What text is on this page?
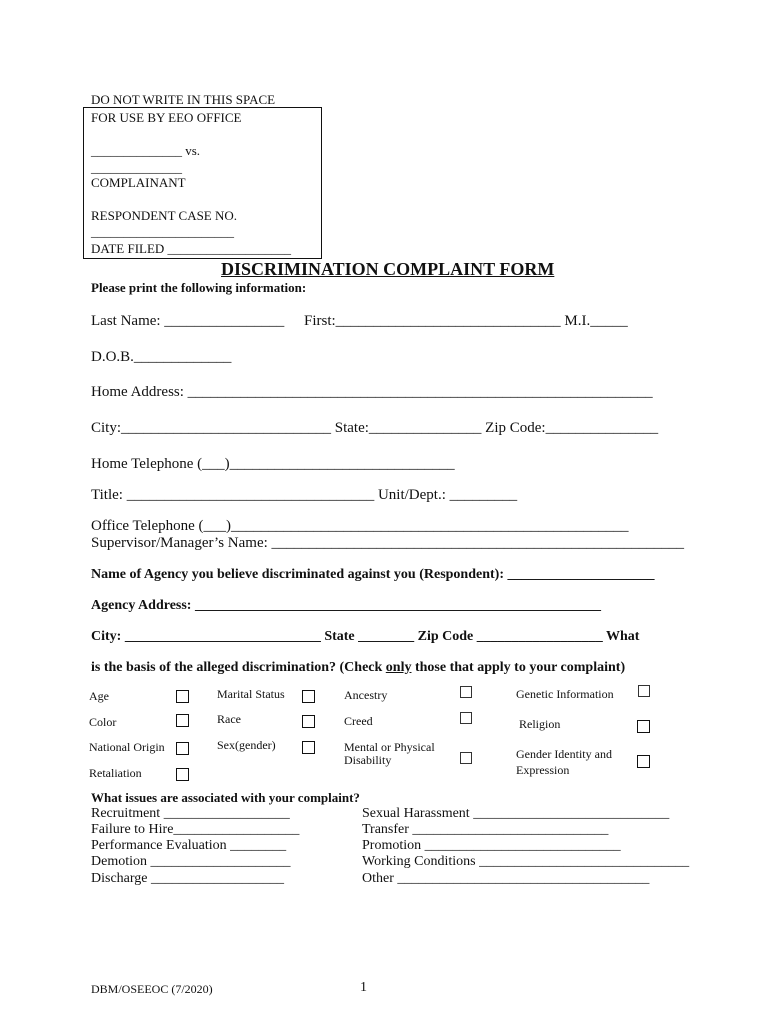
DO NOT WRITE IN THIS SPACE
FOR USE BY EEO OFFICE
______________ vs.
______________
COMPLAINANT
RESPONDENT CASE NO.
______________________
DATE FILED ___________________
DISCRIMINATION COMPLAINT FORM
Please print the following information:
Last Name: ________________ First:______________________________ M.I._____
D.O.B._____________
Home Address: ______________________________________________________________
City:____________________________ State:_______________ Zip Code:_______________
Home Telephone (___)______________________________
Title: _________________________________ Unit/Dept.: _________
Office Telephone (___)_____________________________________________________
Supervisor/Manager’s Name: _______________________________________________________
Name of Agency you believe discriminated against you (Respondent): _____________________
Agency Address: __________________________________________________________
City: ____________________________ State ________ Zip Code __________________ What
is the basis of the alleged discrimination? (Check only those that apply to your complaint)
Age
Color
National Origin
Retaliation
Marital Status
Race
Sex(gender)
Ancestry
Creed
Mental or Physical
Disability
Genetic Information
Religion
Gender Identity and
Expression
What issues are associated with your complaint?
Recruitment __________________
Failure to Hire__________________
Performance Evaluation ________
Demotion ____________________
Discharge ___________________
Sexual Harassment ____________________________
Transfer ____________________________
Promotion ____________________________
Working Conditions ______________________________
Other ____________________________________
DBM/OSEEOC (7/2020)	1
